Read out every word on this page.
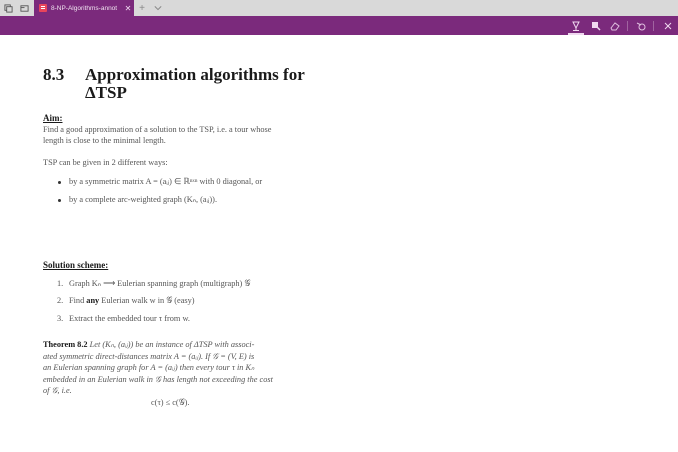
8-NP-Algorithms-annot ✕ +
8.3 Approximation algorithms for
ΔTSP
Aim:
Find a good approximation of a solution to the TSP, i.e. a tour whose
length is close to the minimal length.
TSP can be given in 2 different ways:
by a symmetric matrix A = (aᵢⱼ) ∈ ℝⁿˣⁿ with 0 diagonal, or
by a complete arc-weighted graph (Kₙ, (aᵢⱼ)).
Solution scheme:
1. Graph Kₙ ⟶ Eulerian spanning graph (multigraph) 𝒢
2. Find any Eulerian walk w in 𝒢 (easy)
3. Extract the embedded tour τ from w.
Theorem 8.2 Let (Kₙ, (aᵢⱼ)) be an instance of ΔTSP with associ-
ated symmetric direct-distances matrix A = (aᵢⱼ). If 𝒢 = (V, E) is
an Eulerian spanning graph for A = (aᵢⱼ) then every tour τ in Kₙ
embedded in an Eulerian walk in 𝒢 has length not exceeding the cost
of 𝒢, i.e.
c(τ) ≤ c(𝒢).
